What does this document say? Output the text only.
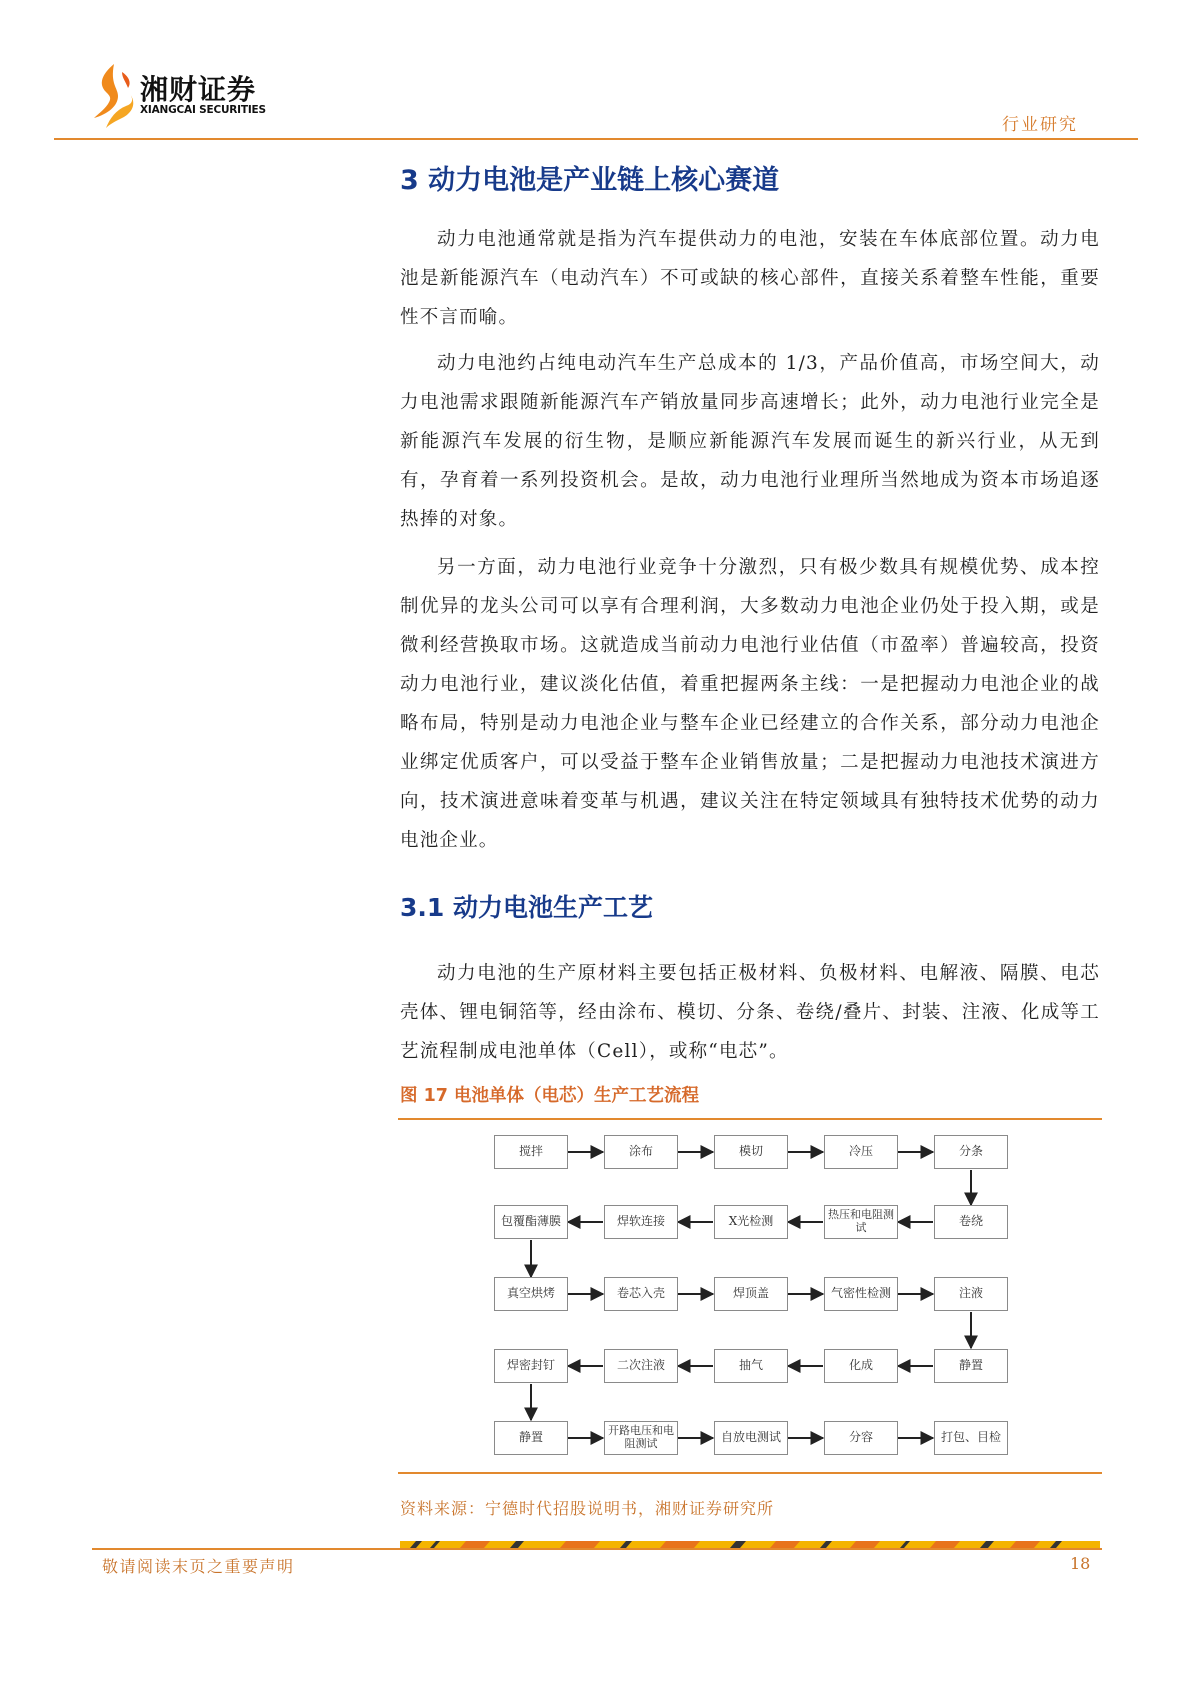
湘财证券
XIANGCAI SECURITIES
行业研究
3 动力电池是产业链上核心赛道

动力电池通常就是指为汽车提供动力的电池，安装在车体底部位置。动力电池是新能源汽车（电动汽车）不可或缺的核心部件，直接关系着整车性能，重要性不言而喻。

动力电池约占纯电动汽车生产总成本的 1/3，产品价值高，市场空间大，动力电池需求跟随新能源汽车产销放量同步高速增长；此外，动力电池行业完全是新能源汽车发展的衍生物，是顺应新能源汽车发展而诞生的新兴行业，从无到有，孕育着一系列投资机会。是故，动力电池行业理所当然地成为资本市场追逐热捧的对象。

另一方面，动力电池行业竞争十分激烈，只有极少数具有规模优势、成本控制优异的龙头公司可以享有合理利润，大多数动力电池企业仍处于投入期，或是微利经营换取市场。这就造成当前动力电池行业估值（市盈率）普遍较高，投资动力电池行业，建议淡化估值，着重把握两条主线：一是把握动力电池企业的战略布局，特别是动力电池企业与整车企业已经建立的合作关系，部分动力电池企业绑定优质客户，可以受益于整车企业销售放量；二是把握动力电池技术演进方向，技术演进意味着变革与机遇，建议关注在特定领域具有独特技术优势的动力电池企业。

3.1 动力电池生产工艺

动力电池的生产原材料主要包括正极材料、负极材料、电解液、隔膜、电芯壳体、锂电铜箔等，经由涂布、模切、分条、卷绕/叠片、封装、注液、化成等工艺流程制成电池单体（Cell），或称“电芯”。

图 17 电池单体（电芯）生产工艺流程
搅拌	涂布	模切	冷压	分条
包覆酯薄膜	焊软连接	X光检测	热压和电阻测试	卷绕
真空烘烤	卷芯入壳	焊顶盖	气密性检测	注液
焊密封钉	二次注液	抽气	化成	静置
静置	开路电压和电阻测试	自放电测试	分容	打包、目检
资料来源：宁德时代招股说明书，湘财证券研究所
敬请阅读末页之重要声明	18
